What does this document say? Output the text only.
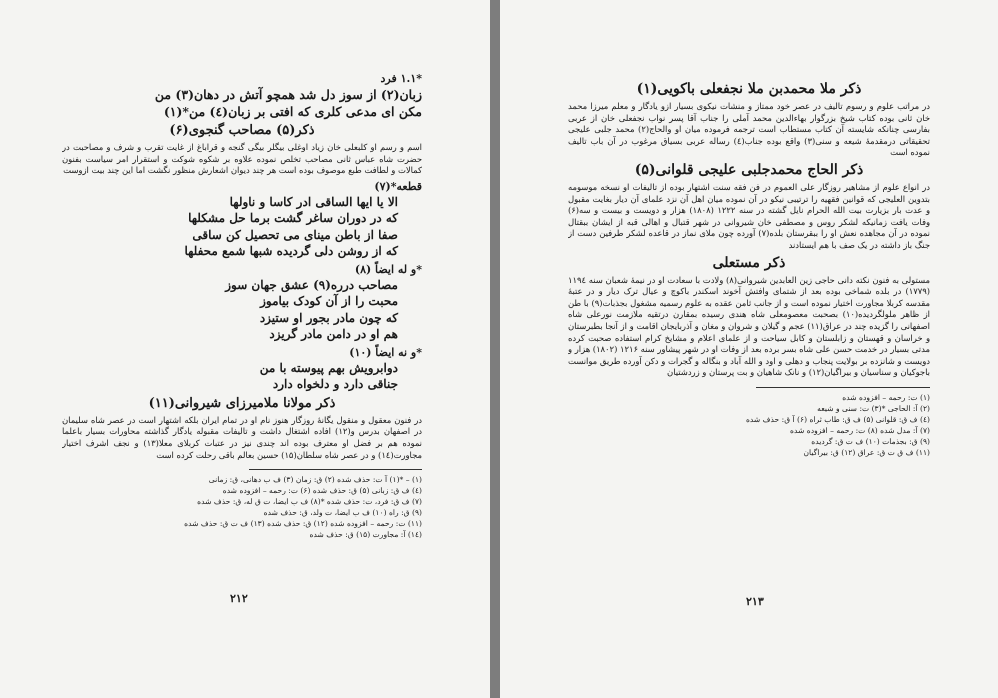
*۱.۱ فرد

زبان(۲) از سوز دل شد همچو آتش در دهان(۳) من

مکن ای مدعی کلری که افتی بر زبان(٤) من*(۱)

ذکر(۵) مصاحب گنجوی(۶)

اسم و رسم او کلبعلی خان زیاد اوغلی بیگلر بیگی گنجه و قراباغ از غایت تقرب و شرف و مصاحبت در حضرت شاه عباس ثانی مصاحب تخلص نموده علاوه بر شکوه شوکت و استقرار امر سیاست بفنون کمالات و لطافت طبع موصوف بوده است هر چند دیوان اشعارش منظور نگشت اما این چند بیت ازوست

قطعه*(۷)

الا یا ایها الساقی ادر کاسا و ناولها

که در دوران ساغر گشت برما حل مشکلها

صفا از باطن مینای می تحصیل کن ساقی

که از روشن دلی گردیده شبها شمع محفلها

*و له ایضاً (۸)

مصاحب درره(۹) عشق جهان سوز

محبت را از آن کودک بیاموز

که چون مادر بجور او ستیزد

هم او در دامن مادر گریزد

*و نه ایضاً (۱۰)

دوابرویش بهم پیوسته با من

جناقی دارد و دلخواه دارد

ذکر مولانا ملامیرزای شیروانی(۱۱)

در فنون معقول و منقول یگانهٔ روزگار هنوز نام او در تمام ایران بلکه اشتهار است در عصر شاه سلیمان در اصفهان بدرس و(۱۲) افاده اشتغال داشت و تالیفات مقبوله یادگار گذاشته محاورات بسیار باعلما نموده هم بر فضل او معترف بوده اند چندی نیز در عتبات کربلای معلا(۱۳) و نجف اشرف اختیار مجاورت(۱٤) و در عصر شاه سلطان(۱۵) حسین بعالم باقی رحلت کرده است

(۱) – *(۱) آ ت: حذف شده (۲) ق: زمان (۳) ف ب دهانی، ق: زمانی

(٤) ف ق: زبانی (۵) ق: حذف شده (۶) ت: رحمه – افزوده شده

(۷) ف ق: فرد، ت: حذف شده *(۸) ف ب ایضا، ت ق له، ق: حذف شده

(۹) ق: راه (۱۰) ف ب ایضا، ت ولد، ق: حذف شده

(۱۱) ت: رحمه – افزوده شده (۱۲) ق: حذف شده (۱۳) ف ت ق: حذف شده

(۱٤) آ: مجاورت (۱۵) ق: حذف شده

۲۱۲

ذکر ملا محمدبن ملا نجفعلی باکویی(۱)

در مراتب علوم و رسوم تالیف در عصر خود ممتاز و منشات نیکوی بسیار ازو یادگار و معلم میرزا محمد خان ثانی بوده کتاب شیخ بزرگوار بهاءالدین محمد آملی را جناب آقا پسر نواب نجفعلی خان از عربی بفارسی چنانکه شایسته آن کتاب مستطاب است ترجمه فرموده میان او والحاج(۲) محمد جلبی علیجی تحقیقاتی درمقدمهٔ شیعه و سنی(۳) واقع بوده جناب(٤) رساله عربی بسیاق مرغوب در آن باب تالیف نموده است

ذکر الحاج محمدجلبی علیجی قلوانی(۵)

در انواع علوم از مشاهیر روزگار علی العموم در فن فقه سنت اشتهار بوده از تالیفات او نسخه موسومه بتدوین العلیجی که قوانین فقهیه را ترتیبی نیکو در آن نموده میان اهل آن نزد علمای آن دیار بغایت مقبول و عدت بار بزیارت بیت الله الحرام نایل گشته در سنه ۱۲۲۲ (۱۸۰۸) هزار و دویست و بیست و سه(۶) وفات یافت زمانیکه لشکر روس و مصطفی خان شیروانی در شهر قتبال و اهالی قبه از ایشان ببقتال نموده در آن مجاهده نعش او را ببقرستان بلده(۷) آورده چون ملای نماز در قاعده لشکر طرفین دست از جنگ باز داشته در یک صف با هم ایستادند

ذکر مستعلی

مستولی به فنون نکته دانی حاجی زین العابدین شیروانی(۸) ولادت با سعادت او در نیمهٔ شعبان سنه ۱۱۹٤ (۱۷۷۹) در بلده شماخی بوده بعد از شتمای وافتش آخوند اسکندر باکوچ و عیال ترک دیار و در عتبهٔ مقدسه کربلا مجاورت اختیار نموده است و از جانب ثامن عقده به علوم رسمیه مشغول بجذبات(۹) با طن از ظاهر ملولگردیده(۱۰) بصحبت معصومعلی شاه هندی رسیده بمقارن درتقیه ملازمت نورعلی شاه اصفهانی را گزیده چند در عراق(۱۱) عجم و گیلان و شروان و مغان و آذربایجان اقامت و از آنجا بطبرستان و خراسان و قهستان و زابلستان و کابل سیاحت و از علمای اعلام و مشایخ کرام استفاده صحبت کرده مدتی بسیار در خدمت حسن علی شاه بسر برده بعد از وفات او در شهر پیشاور سنه ۱۲۱۶ (۱۸۰۲) هزار و دویست و شانزده بر بولایت پنجاب و دهلی و اود و الله آباد و بنگاله و گجرات و دکن آورده طریق موانست باجوکیان و سناسیان و بیراگیان(۱۲) و نانک شاهیان و بت پرستان و زردشتیان

(۱) ت: رحمه – افزوده شده

(۲) آ: الحاجی *(۳) ت: سنی و شیعه

(٤) ف ق: قلوانی (۵) ف ق: طاب ثراه (۶) آ ق: حذف شده

(۷) آ: مدل شده (۸) ت: رحمه – افزوده شده

(۹) ق: بجذمات (۱۰) ف ت ق: گردیده

(۱۱) ف ق ت ق: عراق (۱۲) ق: بیراگیان

۲۱۳
